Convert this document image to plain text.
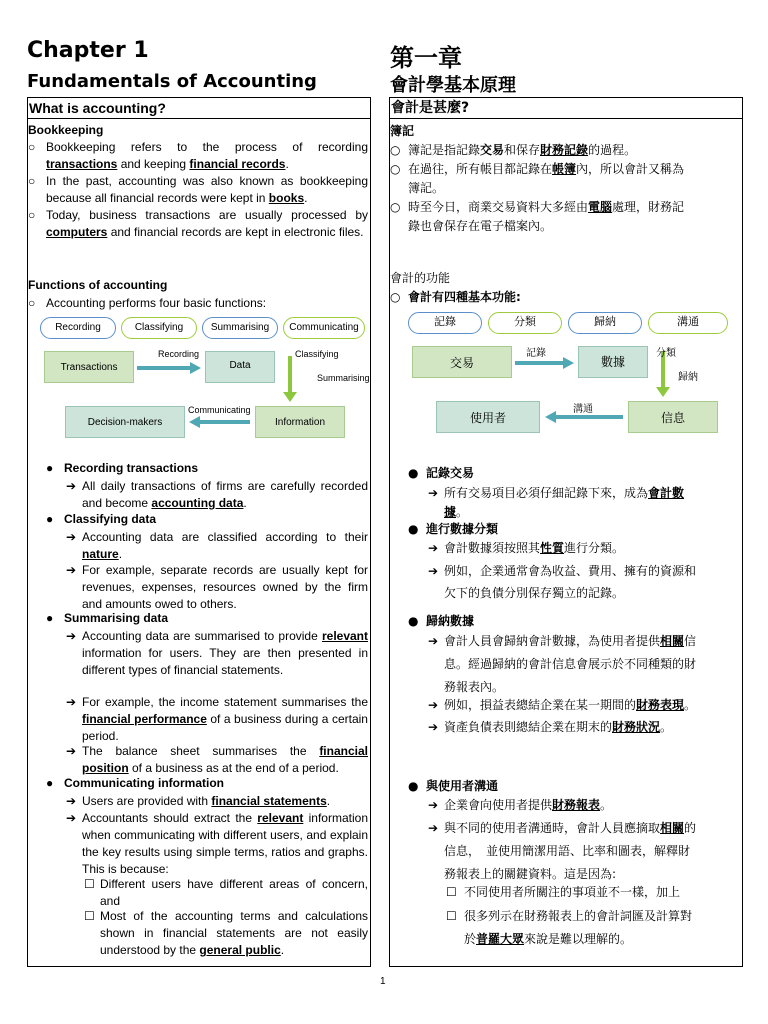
Chapter 1
Fundamentals of Accounting
第一章
會計學基本原理
What is accounting?
Bookkeeping
○ Bookkeeping refers to the process of recording transactions and keeping financial records.
○ In the past, accounting was also known as bookkeeping because all financial records were kept in books.
○ Today, business transactions are usually processed by computers and financial records are kept in electronic files.
Functions of accounting
○ Accounting performs four basic functions:
Recording	Classifying	Summarising	Communicating
Transactions	Data
Information
Decision-makers
Recording	Classifying
Summarising
Communicating
● Recording transactions
➔ All daily transactions of firms are carefully recorded and become accounting data.
● Classifying data
➔ Accounting data are classified according to their nature.
➔ For example, separate records are usually kept for revenues, expenses, resources owned by the firm and amounts owed to others.
● Summarising data
➔ Accounting data are summarised to provide relevant information for users. They are then presented in different types of financial statements.
➔ For example, the income statement summarises the financial performance of a business during a certain period.
➔ The balance sheet summarises the financial position of a business as at the end of a period.
● Communicating information
➔ Users are provided with financial statements.
➔ Accountants should extract the relevant information when communicating with different users, and explain the key results using simple terms, ratios and graphs. This is because:
☐ Different users have different areas of concern, and
☐ Most of the accounting terms and calculations shown in financial statements are not easily understood by the general public.
會計是甚麼?
簿記
○ 簿記是指記錄交易和保存財務記錄的過程。
○ 在過往，所有帳目都記錄在帳簿內，所以會計又稱為
簿記。
○ 時至今日，商業交易資料大多經由電腦處理，財務記
錄也會保存在電子檔案內。
會計的功能
○ 會計有四種基本功能:
記錄	分類	歸納	溝通
交易	數據
信息
使用者
記錄	分類
歸納
溝通
● 記錄交易
➔ 所有交易項目必須仔細記錄下來，成為會計數
據。
● 進行數據分類
➔ 會計數據須按照其性質進行分類。
➔ 例如，企業通常會為收益、費用、擁有的資源和
欠下的負債分別保存獨立的記錄。
● 歸納數據
➔ 會計人員會歸納會計數據，為使用者提供相關信
息。經過歸納的會計信息會展示於不同種類的財
務報表內。
➔ 例如，損益表總結企業在某一期間的財務表現。
➔ 資產負債表則總結企業在期末的財務狀況。
● 與使用者溝通
➔ 企業會向使用者提供財務報表。
➔ 與不同的使用者溝通時，會計人員應摘取相關的
信息，　並使用簡潔用語、比率和圖表，解釋財
務報表上的關鍵資料。這是因為:
☐ 不同使用者所關注的事項並不一樣，加上
☐ 很多列示在財務報表上的會計詞匯及計算對
於普羅大眾來說是難以理解的。
1
